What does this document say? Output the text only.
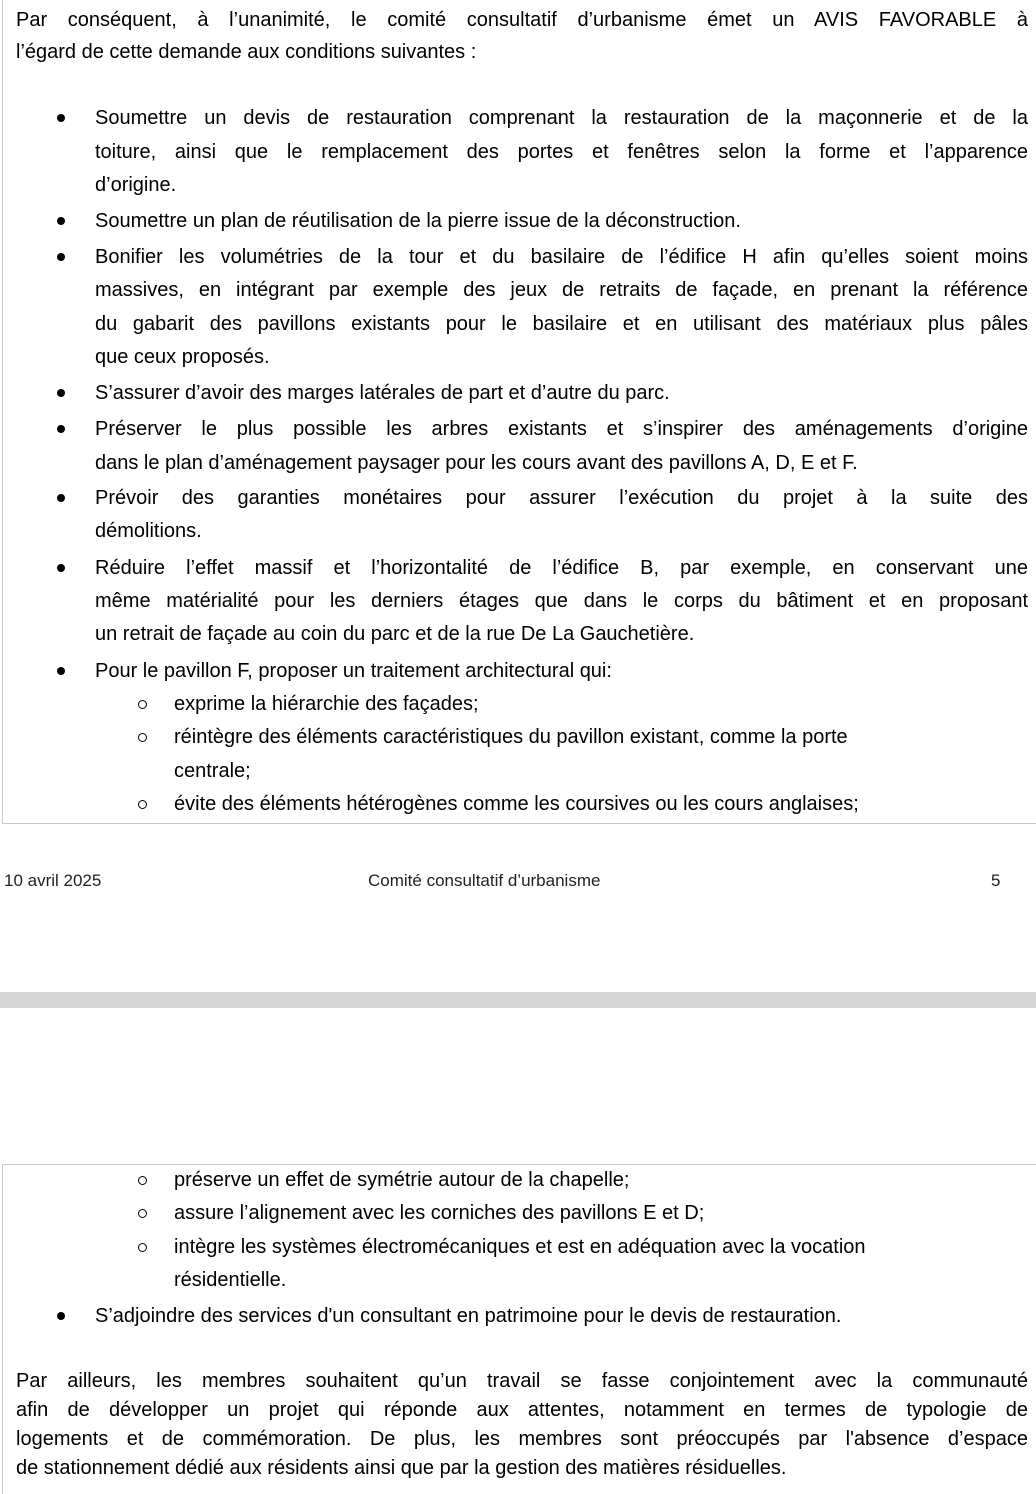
Par conséquent, à l’unanimité, le comité consultatif d’urbanisme émet un AVIS FAVORABLE à
l’égard de cette demande aux conditions suivantes :
Soumettre un devis de restauration comprenant la restauration de la maçonnerie et de la
toiture, ainsi que le remplacement des portes et fenêtres selon la forme et l’apparence
d’origine.
Soumettre un plan de réutilisation de la pierre issue de la déconstruction.
Bonifier les volumétries de la tour et du basilaire de l’édifice H afin qu’elles soient moins
massives, en intégrant par exemple des jeux de retraits de façade, en prenant la référence
du gabarit des pavillons existants pour le basilaire et en utilisant des matériaux plus pâles
que ceux proposés.
S’assurer d’avoir des marges latérales de part et d’autre du parc.
Préserver le plus possible les arbres existants et s’inspirer des aménagements d’origine
dans le plan d’aménagement paysager pour les cours avant des pavillons A, D, E et F.
Prévoir des garanties monétaires pour assurer l’exécution du projet à la suite des
démolitions.
Réduire l’effet massif et l’horizontalité de l’édifice B, par exemple, en conservant une
même matérialité pour les derniers étages que dans le corps du bâtiment et en proposant
un retrait de façade au coin du parc et de la rue De La Gauchetière.
Pour le pavillon F, proposer un traitement architectural qui:
exprime la hiérarchie des façades;
réintègre des éléments caractéristiques du pavillon existant, comme la porte
centrale;
évite des éléments hétérogènes comme les coursives ou les cours anglaises;
10 avril 2025	Comité consultatif d’urbanisme	5
préserve un effet de symétrie autour de la chapelle;
assure l’alignement avec les corniches des pavillons E et D;
intègre les systèmes électromécaniques et est en adéquation avec la vocation
résidentielle.
S’adjoindre des services d'un consultant en patrimoine pour le devis de restauration.
Par ailleurs, les membres souhaitent qu’un travail se fasse conjointement avec la communauté
afin de développer un projet qui réponde aux attentes, notamment en termes de typologie de
logements et de commémoration. De plus, les membres sont préoccupés par l'absence d’espace
de stationnement dédié aux résidents ainsi que par la gestion des matières résiduelles.
